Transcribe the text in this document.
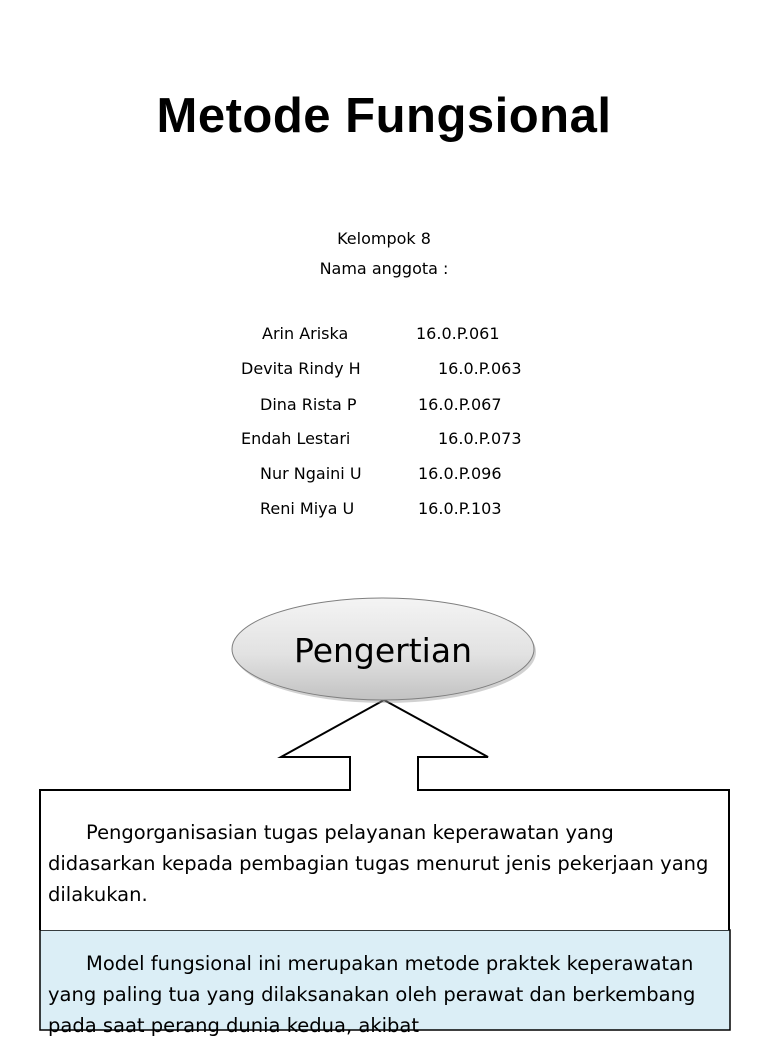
Metode Fungsional
Kelompok 8
Nama anggota :
Arin Ariska	16.0.P.061
Devita Rindy H	16.0.P.063
Dina Rista P	16.0.P.067
Endah Lestari	16.0.P.073
Nur Ngaini U	16.0.P.096
Reni Miya U	16.0.P.103
Pengertian
Pengorganisasian tugas pelayanan keperawatan yang didasarkan kepada pembagian tugas menurut jenis pekerjaan yang dilakukan.
Model fungsional ini merupakan metode praktek keperawatan yang paling tua yang dilaksanakan oleh perawat dan berkembang pada saat perang dunia kedua, akibat
